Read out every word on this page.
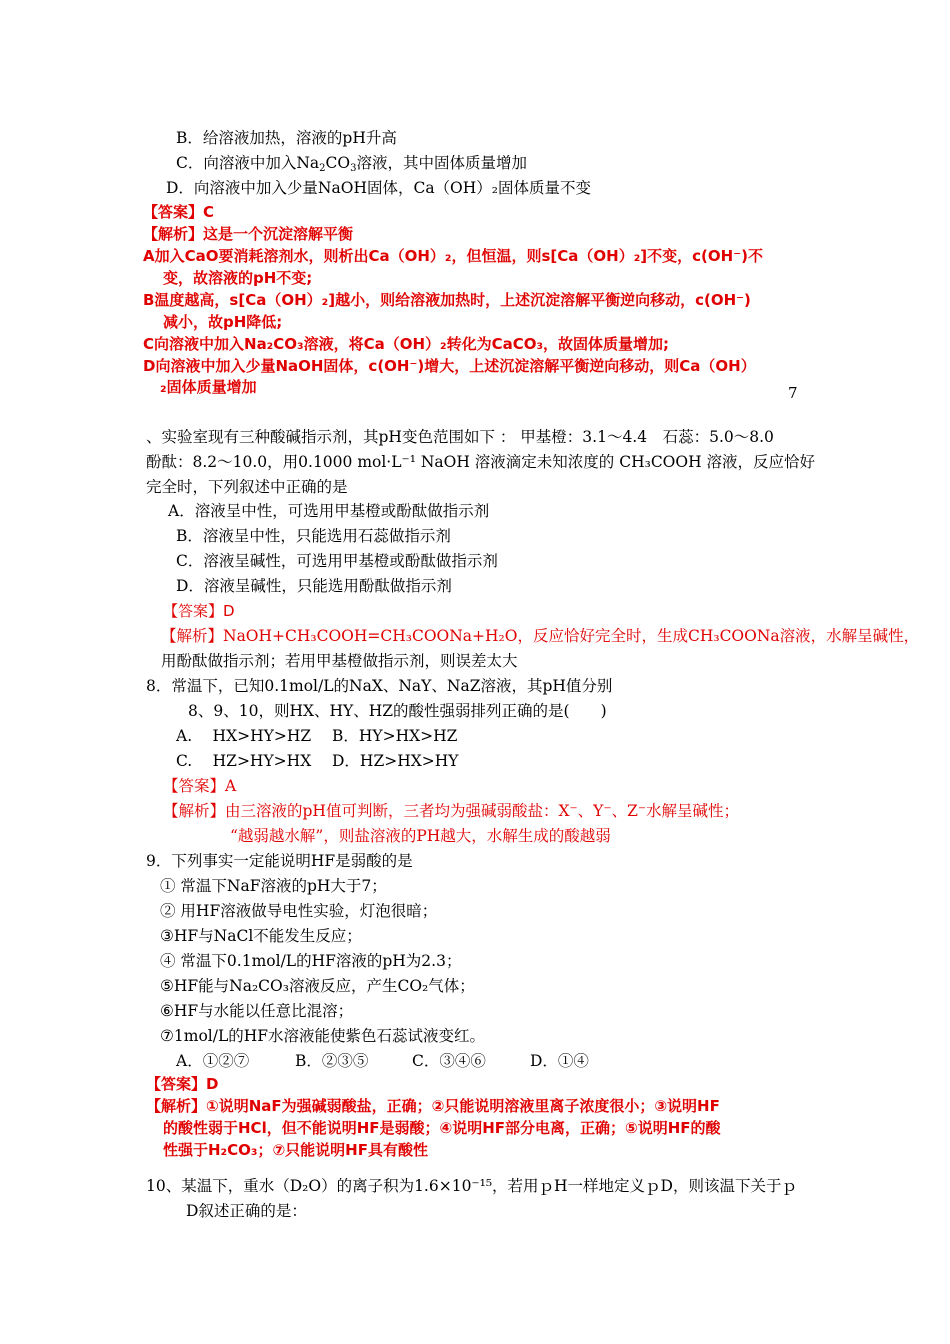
B．给溶液加热，溶液的pH升高
C．向溶液中加入$Na_2CO_3$溶液，其中固体质量增加
D．向溶液中加入少量NaOH固体，Ca（OH）₂固体质量不变
【答案】C
【解析】这是一个沉淀溶解平衡
A加入CaO要消耗溶剂水，则析出Ca（OH）₂，但恒温，则s[Ca（OH）₂]不变，c(OH⁻)不
变，故溶液的pH不变;
B温度越高，s[Ca（OH）₂]越小，则给溶液加热时，上述沉淀溶解平衡逆向移动，c(OH⁻)
减小，故pH降低;
C向溶液中加入Na₂CO₃溶液，将Ca（OH）₂转化为CaCO₃，故固体质量增加;
D向溶液中加入少量NaOH固体，c(OH⁻)增大，上述沉淀溶解平衡逆向移动，则Ca（OH）
₂固体质量增加	7
、实验室现有三种酸碱指示剂，其pH变色范围如下 ： 甲基橙：3.1～4.4　石蕊：5.0～8.0
酚酞：8.2～10.0，用0.1000 mol·L⁻¹ NaOH 溶液滴定未知浓度的 CH₃COOH 溶液，反应恰好
完全时，下列叙述中正确的是
A．溶液呈中性，可选用甲基橙或酚酞做指示剂
B．溶液呈中性，只能选用石蕊做指示剂
C．溶液呈碱性，可选用甲基橙或酚酞做指示剂
D．溶液呈碱性，只能选用酚酞做指示剂
【答案】D
【解析】NaOH+CH₃COOH=CH₃COONa+H₂O，反应恰好完全时，生成CH₃COONa溶液，水解呈碱性，
用酚酞做指示剂；若用甲基橙做指示剂，则误差太大
8．常温下，已知0.1mol/L的NaX、NaY、NaZ溶液，其pH值分别
8、9、10，则HX、HY、HZ的酸性强弱排列正确的是(　　)
A.　 HX>HY>HZ B．HY>HX>HZ
C.　 HZ>HY>HX D．HZ>HX>HY
【答案】A
【解析】由三溶液的pH值可判断，三者均为强碱弱酸盐：X⁻、Y⁻、Z⁻水解呈碱性；
“越弱越水解”，则盐溶液的PH越大，水解生成的酸越弱
9．下列事实一定能说明HF是弱酸的是
① 常温下NaF溶液的pH大于7；
② 用HF溶液做导电性实验，灯泡很暗；
③HF与NaCl不能发生反应；
④ 常温下0.1mol/L的HF溶液的pH为2.3；
⑤HF能与Na₂CO₃溶液反应，产生CO₂气体；
⑥HF与水能以任意比混溶；
⑦1mol/L的HF水溶液能使紫色石蕊试液变红。
A．①②⑦	B．②③⑤	C．③④⑥	D．①④
【答案】D
【解析】①说明NaF为强碱弱酸盐，正确；②只能说明溶液里离子浓度很小；③说明HF
的酸性弱于HCl，但不能说明HF是弱酸；④说明HF部分电离，正确；⑤说明HF的酸
性强于H₂CO₃；⑦只能说明HF具有酸性
10、某温下，重水（D₂O）的离子积为1.6×10⁻¹⁵，若用ｐH一样地定义ｐD，则该温下关于ｐ
D叙述正确的是：
